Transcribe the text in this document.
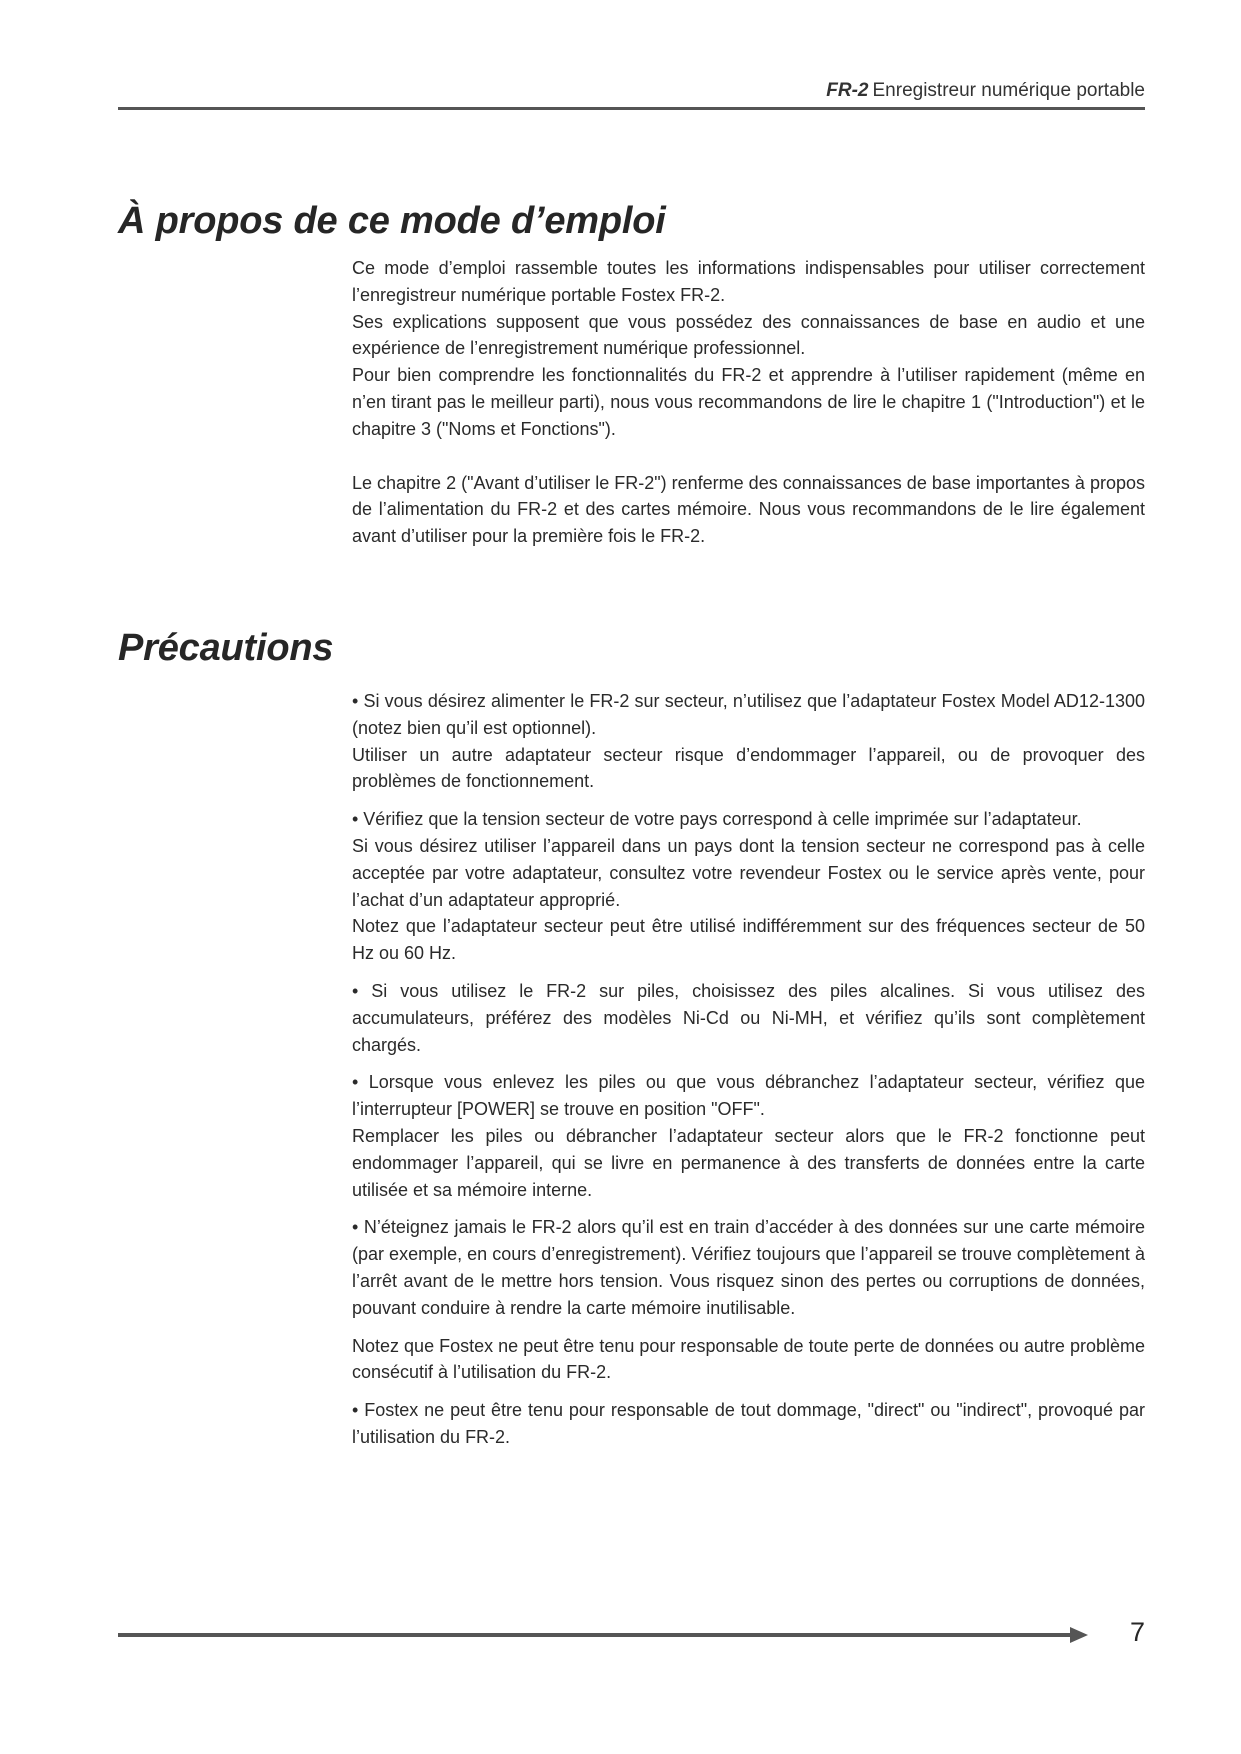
FR-2 Enregistreur numérique portable
À propos de ce mode d’emploi

Ce mode d’emploi rassemble toutes les informations indispensables pour utiliser correctement l’enregistreur numérique portable Fostex FR-2.

Ses explications supposent que vous possédez des connaissances de base en audio et une expérience de l’enregistrement numérique professionnel.

Pour bien comprendre les fonctionnalités du FR-2 et apprendre à l’utiliser rapidement (même en n’en tirant pas le meilleur parti), nous vous recommandons de lire le chapitre 1 ("Introduction") et le chapitre 3 ("Noms et Fonctions").

Le chapitre 2 ("Avant d’utiliser le FR-2") renferme des connaissances de base importantes à propos de l’alimentation du FR-2 et des cartes mémoire. Nous vous recommandons de le lire également avant d’utiliser pour la première fois le FR-2.

Précautions

• Si vous désirez alimenter le FR-2 sur secteur, n’utilisez que l’adaptateur Fostex Model AD12-1300 (notez bien qu’il est optionnel).

Utiliser un autre adaptateur secteur risque d’endommager l’appareil, ou de provoquer des problèmes de fonctionnement.

• Vérifiez que la tension secteur de votre pays correspond à celle imprimée sur l’adaptateur.

Si vous désirez utiliser l’appareil dans un pays dont la tension secteur ne correspond pas à celle acceptée par votre adaptateur, consultez votre revendeur Fostex ou le service après vente, pour l’achat d’un adaptateur approprié.

Notez que l’adaptateur secteur peut être utilisé indifféremment sur des fréquences secteur de 50 Hz ou 60 Hz.

• Si vous utilisez le FR-2 sur piles, choisissez des piles alcalines. Si vous utilisez des accumulateurs, préférez des modèles Ni-Cd ou Ni-MH, et vérifiez qu’ils sont complètement chargés.

• Lorsque vous enlevez les piles ou que vous débranchez l’adaptateur secteur, vérifiez que l’interrupteur [POWER] se trouve en position "OFF".

Remplacer les piles ou débrancher l’adaptateur secteur alors que le FR-2 fonctionne peut endommager l’appareil, qui se livre en permanence à des transferts de données entre la carte utilisée et sa mémoire interne.

• N’éteignez jamais le FR-2 alors qu’il est en train d’accéder à des données sur une carte mémoire (par exemple, en cours d’enregistrement). Vérifiez toujours que l’appareil se trouve complètement à l’arrêt avant de le mettre hors tension. Vous risquez sinon des pertes ou corruptions de données, pouvant conduire à rendre la carte mémoire inutilisable.

Notez que Fostex ne peut être tenu pour responsable de toute perte de données ou autre problème consécutif à l’utilisation du FR-2.

• Fostex ne peut être tenu pour responsable de tout dommage, "direct" ou "indirect", provoqué par l’utilisation du FR-2.

7
